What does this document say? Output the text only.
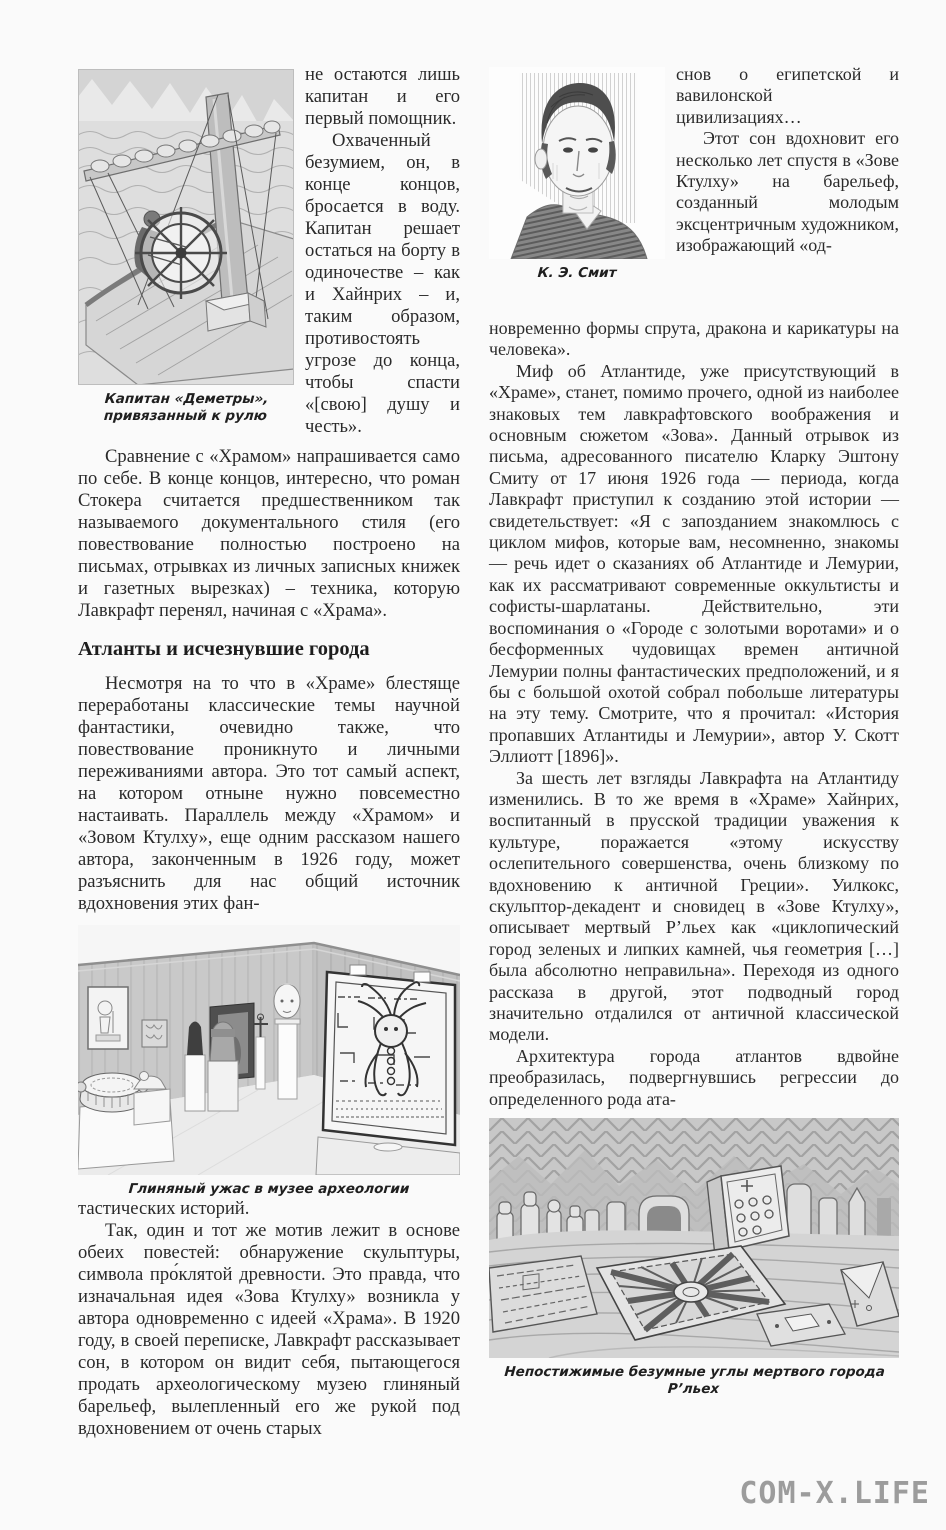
Капитан «Деметры», привязанный к рулю

не остаются лишь капитан и его первый помощник.

Охваченный безумием, он, в конце концов, бросается в воду. Капитан решает остаться на борту в одиночестве – как и Хайнрих – и, таким образом, противостоять угрозе до конца, чтобы спасти «[свою] душу и честь».

Сравнение с «Храмом» напрашивается само по себе. В конце концов, интересно, что роман Стокера считается предшественником так называемого документального стиля (его повествование полностью построено на письмах, отрывках из личных записных книжек и газетных вырезках) – техника, которую Лавкрафт перенял, начиная с «Храма».

Атланты и исчезнувшие города

Несмотря на то что в «Храме» блестяще переработаны классические темы научной фантастики, очевидно также, что повествование проникнуто и личными переживаниями автора. Это тот самый аспект, на котором отныне нужно повсеместно настаивать. Параллель между «Храмом» и «Зовом Ктулху», еще одним рассказом нашего автора, законченным в 1926 году, может разъяснить для нас общий источник вдохновения этих фан-

Глиняный ужас в музее археологии

тастических историй.

Так, один и тот же мотив лежит в основе обеих повестей: обнаружение скульптуры, символа про́клятой древности. Это правда, что изначальная идея «Зова Ктулху» возникла у автора одновременно с идеей «Храма». В 1920 году, в своей переписке, Лавкрафт рассказывает сон, в котором он видит себя, пытающегося продать археологическому музею глиняный барельеф, вылепленный его же рукой под вдохновением от очень старых

К. Э. Смит

снов о египетской и вавилонской цивилизациях…

Этот сон вдохновит его несколько лет спустя в «Зове Ктулху» на барельеф, созданный молодым эксцентричным художником, изображающий «од-

новременно формы спрута, дракона и карикатуры на человека».

Миф об Атлантиде, уже присутствующий в «Храме», станет, помимо прочего, одной из наиболее знаковых тем лавкрафтовского воображения и основным сюжетом «Зова». Данный отрывок из письма, адресованного писателю Кларку Эштону Смиту от 17 июня 1926 года — периода, когда Лавкрафт приступил к созданию этой истории — свидетельствует: «Я с запозданием знакомлюсь с циклом мифов, которые вам, несомненно, знакомы — речь идет о сказаниях об Атлантиде и Лемурии, как их рассматривают современные оккультисты и софисты-шарлатаны. Действительно, эти воспоминания о «Городе с золотыми воротами» и о бесформенных чудовищах времен античной Лемурии полны фантастических предположений, и я бы с большой охотой собрал побольше литературы на эту тему. Смотрите, что я прочитал: «История пропавших Атлантиды и Лемурии», автор У. Скотт Эллиотт [1896]».

За шесть лет взгляды Лавкрафта на Атлантиду изменились. В то же время в «Храме» Хайнрих, воспитанный в прусской традиции уважения к культуре, поражается «этому искусству ослепительного совершенства, очень близкому по вдохновению к античной Греции». Уилкокс, скульптор-декадент и сновидец в «Зове Ктулху», описывает мертвый Р’льех как «циклопический город зеленых и липких камней, чья геометрия […] была абсолютно неправильна». Переходя из одного рассказа в другой, этот подводный город значительно отдалился от античной классической модели.

Архитектура города атлантов вдвойне преобразилась, подвергнувшись регрессии до определенного рода ата-

Непостижимые безумные углы мертвого города Р’льех
COM-X.LIFE
